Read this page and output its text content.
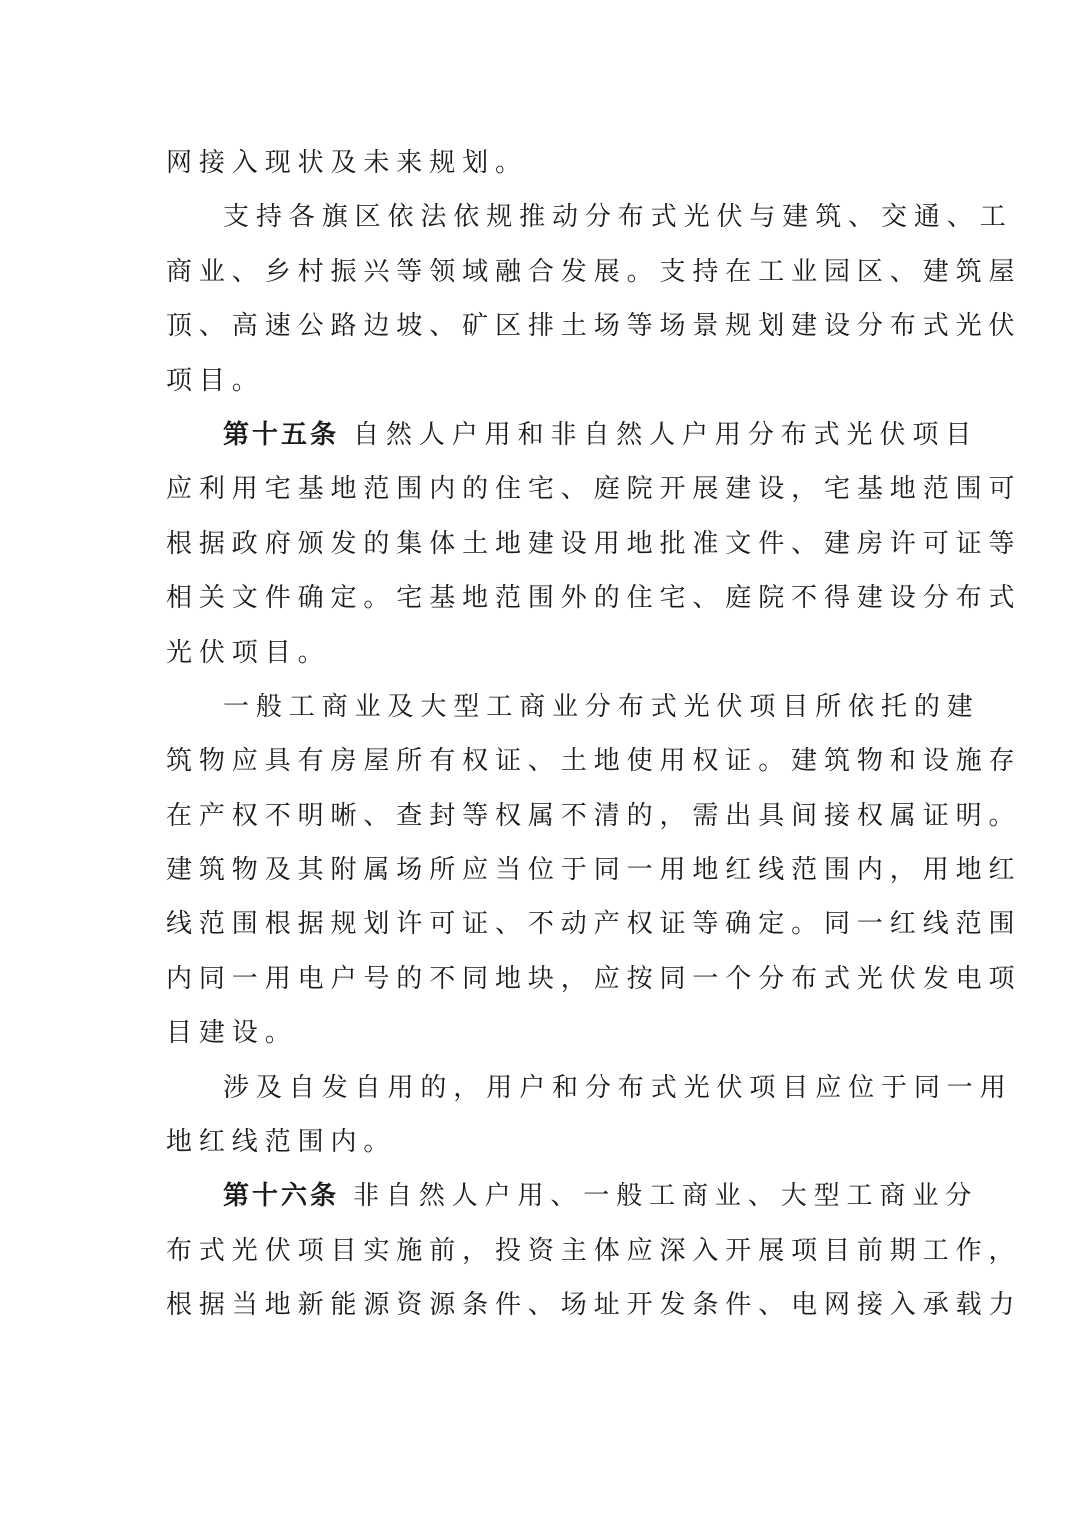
网接入现状及未来规划。
支持各旗区依法依规推动分布式光伏与建筑、交通、工
商业、乡村振兴等领域融合发展。支持在工业园区、建筑屋
顶、高速公路边坡、矿区排土场等场景规划建设分布式光伏
项目。
第十五条 自然人户用和非自然人户用分布式光伏项目
应利用宅基地范围内的住宅、庭院开展建设，宅基地范围可
根据政府颁发的集体土地建设用地批准文件、建房许可证等
相关文件确定。宅基地范围外的住宅、庭院不得建设分布式
光伏项目。
一般工商业及大型工商业分布式光伏项目所依托的建
筑物应具有房屋所有权证、土地使用权证。建筑物和设施存
在产权不明晰、查封等权属不清的，需出具间接权属证明。
建筑物及其附属场所应当位于同一用地红线范围内，用地红
线范围根据规划许可证、不动产权证等确定。同一红线范围
内同一用电户号的不同地块，应按同一个分布式光伏发电项
目建设。
涉及自发自用的，用户和分布式光伏项目应位于同一用
地红线范围内。
第十六条 非自然人户用、一般工商业、大型工商业分
布式光伏项目实施前，投资主体应深入开展项目前期工作，
根据当地新能源资源条件、场址开发条件、电网接入承载力
